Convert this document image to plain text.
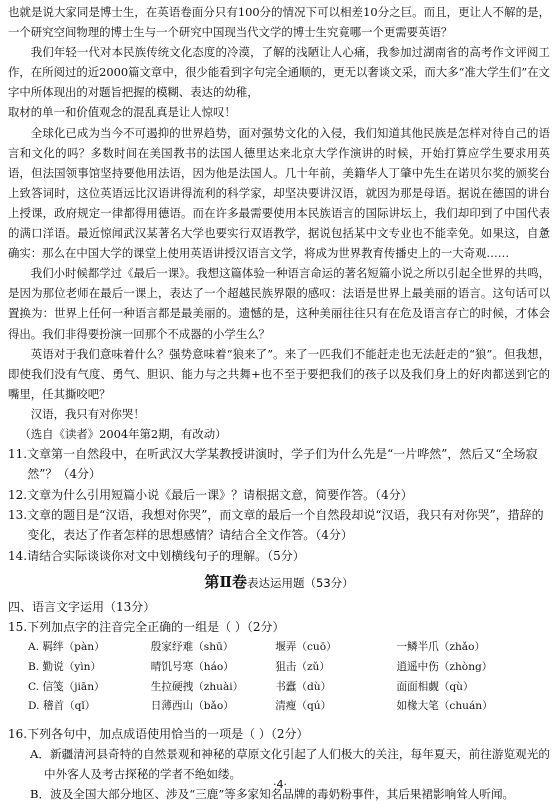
也就是说大家同是博士生，在英语卷面分只有100分的情况下可以相差10分之巨。而且，更让人不解的是，一个研究空间物理的博士生与一个研究中国现当代文学的博士生究竟哪一个更需要英语？

我们年轻一代对本民族传统文化态度的冷漠，了解的浅陋让人心痛，我参加过湖南省的高考作文评阅工作，在所阅过的近2000篇文章中，很少能看到字句完全通顺的，更无以奢谈文采，而大多“准大学生们”在文字中所体现出的对题旨把握的模糊、表达的幼稚，

取材的单一和价值观念的混乱真是让人惊叹！

全球化已成为当今不可遏抑的世界趋势，面对强势文化的入侵，我们知道其他民族是怎样对待自己的语言和文化的吗？多数时间在美国教书的法国人德里达来北京大学作演讲的时候，开始打算应学生要求用英语，但法国领事馆坚持要他用法语，因为他是法国人。几十年前，美籍华人丁肇中先生在诺贝尔奖的颁奖台上致答词时，这位英语远比汉语讲得流利的科学家，却坚决要讲汉语，就因为那是母语。据说在德国的讲台上授课，政府规定一律都得用德语。而在许多最需要使用本民族语言的国际讲坛上，我们却印到了中国代表的满口洋语。最近惊闻武汉某著名大学也要实行双语教学，据说包括某中文专业也不能幸免。如果这，自惫确实：那么在中国大学的课堂上使用英语讲授汉语言文学，将成为世界教育传播史上的一大奇观……

我们小时候都学过《最后一课》。我想这篇体验一种语言命运的著名短篇小说之所以引起全世界的共鸣，是因为那位老师在最后一课上，表达了一个超越民族界限的感叹：法语是世界上最美丽的语言。这句话可以置换为：世界上任何一种语言都是最美丽的。遗憾的是，这种美丽往往只有在危及语言存亡的时候，才体会得出。我们非得要扮演一回那个不成器的小学生么？

英语对于我们意味着什么？强势意味着“狼来了”。来了一匹我们不能赶走也无法赶走的“狼”。但我想，即使我们没有气度、勇气、胆识、能力与之共舞+也不至于要把我们的孩子以及我们身上的好肉都送到它的嘴里，任其撕咬吧？

汉语，我只有对你哭！

（选自《读者》2004年第2期，有改动）

11.文章第一自然段中，在听武汉大学某教授讲演时，学子们为什么先是“一片哗然”，然后又“全场寂然”？（4分）

12.文章为什么引用短篇小说《最后一课》？请根据文意，简要作答。（4分）

13.文章的题目是“汉语，我想对你哭”，而文章的最后一个自然段却说“汉语，我只有对你哭”，措辞的变化，表达了作者怎样的思想感情？请结合全文作答。（4分）

14.请结合实际谈谈你对文中划横线句子的理解。（5分）

第Ⅱ卷表达运用题（53分）

四、语言文字运用（13分）

15.下列加点字的注音完全正确的一组是（ ）（2分）

A. 羁绊（pàn）	殷家纾难（shū）	堰弄（cuō）	一鳞半爪（zhǎo）
B. 勤说（yìn）	晴饥号寒（háo）	狙击（zǔ）	逍遥中伤（zhòng）
C. 信笺（jiān）	生拉硬拽（zhuài）	书蠹（dù）	面面相觑（qù）
D. 稽首（qǐ）	日薄西山（bǎo）	清瘦（qú）	如椽大笔（chuán）

16.下列各句中，加点成语使用恰当的一项是（ ）（2分）

A．新疆清河县奇特的自然景观和神秘的草原文化引起了人们极大的关注，每年夏天，前往游览观光的中外客人及考古探秘的学者不绝如缕。

B．波及全国大部分地区、涉及“三鹿”等多家知名品牌的毒奶粉事件，其后果裙影响耸人听闻。

·4·
